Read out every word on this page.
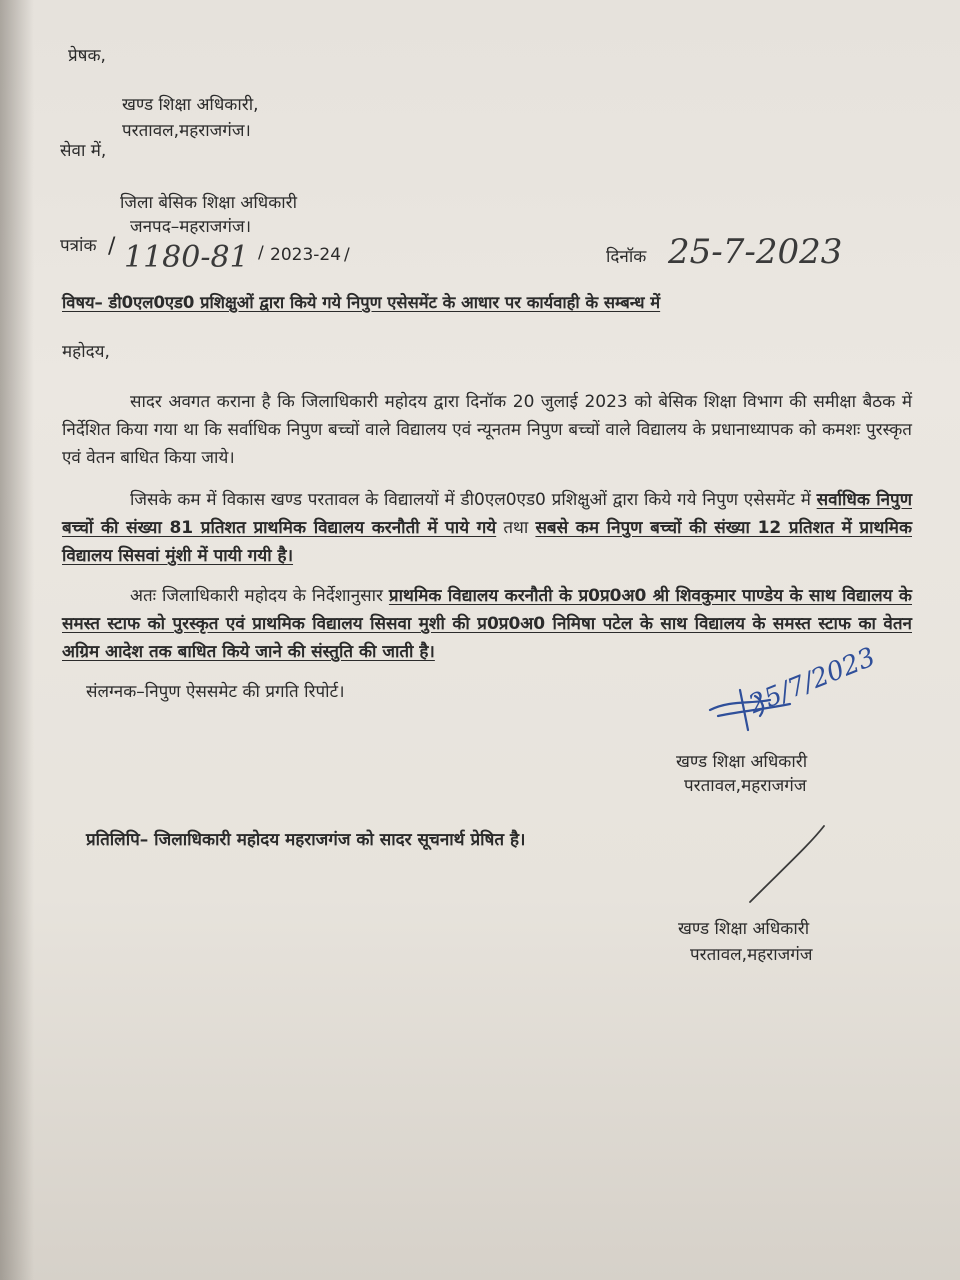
प्रेषक,
खण्ड शिक्षा अधिकारी,
परतावल,महराजगंज।
सेवा में,
जिला बेसिक शिक्षा अधिकारी
जनपद–महराजगंज।
पत्रांक / 1180-81 / 2023-24 /	दिनॉक 25-7-2023
विषय– डी0एल0एड0 प्रशिक्षुओं द्वारा किये गये निपुण एसेसमेंट के आधार पर कार्यवाही के सम्बन्ध में
महोदय,
सादर अवगत कराना है कि जिलाधिकारी महोदय द्वारा दिनॉक 20 जुलाई 2023 को बेसिक शिक्षा विभाग की समीक्षा बैठक में निर्देशित किया गया था कि सर्वाधिक निपुण बच्चों वाले विद्यालय एवं न्यूनतम निपुण बच्चों वाले विद्यालय के प्रधानाध्यापक को कमशः पुरस्कृत एवं वेतन बाधित किया जाये।
जिसके कम में विकास खण्ड परतावल के विद्यालयों में डी0एल0एड0 प्रशिक्षुओं द्वारा किये गये निपुण एसेसमेंट में सर्वाधिक निपुण बच्चों की संख्या 81 प्रतिशत प्राथमिक विद्यालय करनौती में पाये गये तथा सबसे कम निपुण बच्चों की संख्या 12 प्रतिशत में प्राथमिक विद्यालय सिसवां मुंशी में पायी गयी है।
अतः जिलाधिकारी महोदय के निर्देशानुसार प्राथमिक विद्यालय करनौती के प्र0प्र0अ0 श्री शिवकुमार पाण्डेय के साथ विद्यालय के समस्त स्टाफ को पुरस्कृत एवं प्राथमिक विद्यालय सिसवा मुशी की प्र0प्र0अ0 निमिषा पटेल के साथ विद्यालय के समस्त स्टाफ का वेतन अग्रिम आदेश तक बाधित किये जाने की संस्तुति की जाती है।
संलग्नक–निपुण ऐससमेट की प्रगति रिपोर्ट।	25/7/2023
खण्ड शिक्षा अधिकारी
परतावल,महराजगंज
प्रतिलिपि– जिलाधिकारी महोदय महराजगंज को सादर सूचनार्थ प्रेषित है।
खण्ड शिक्षा अधिकारी
परतावल,महराजगंज
